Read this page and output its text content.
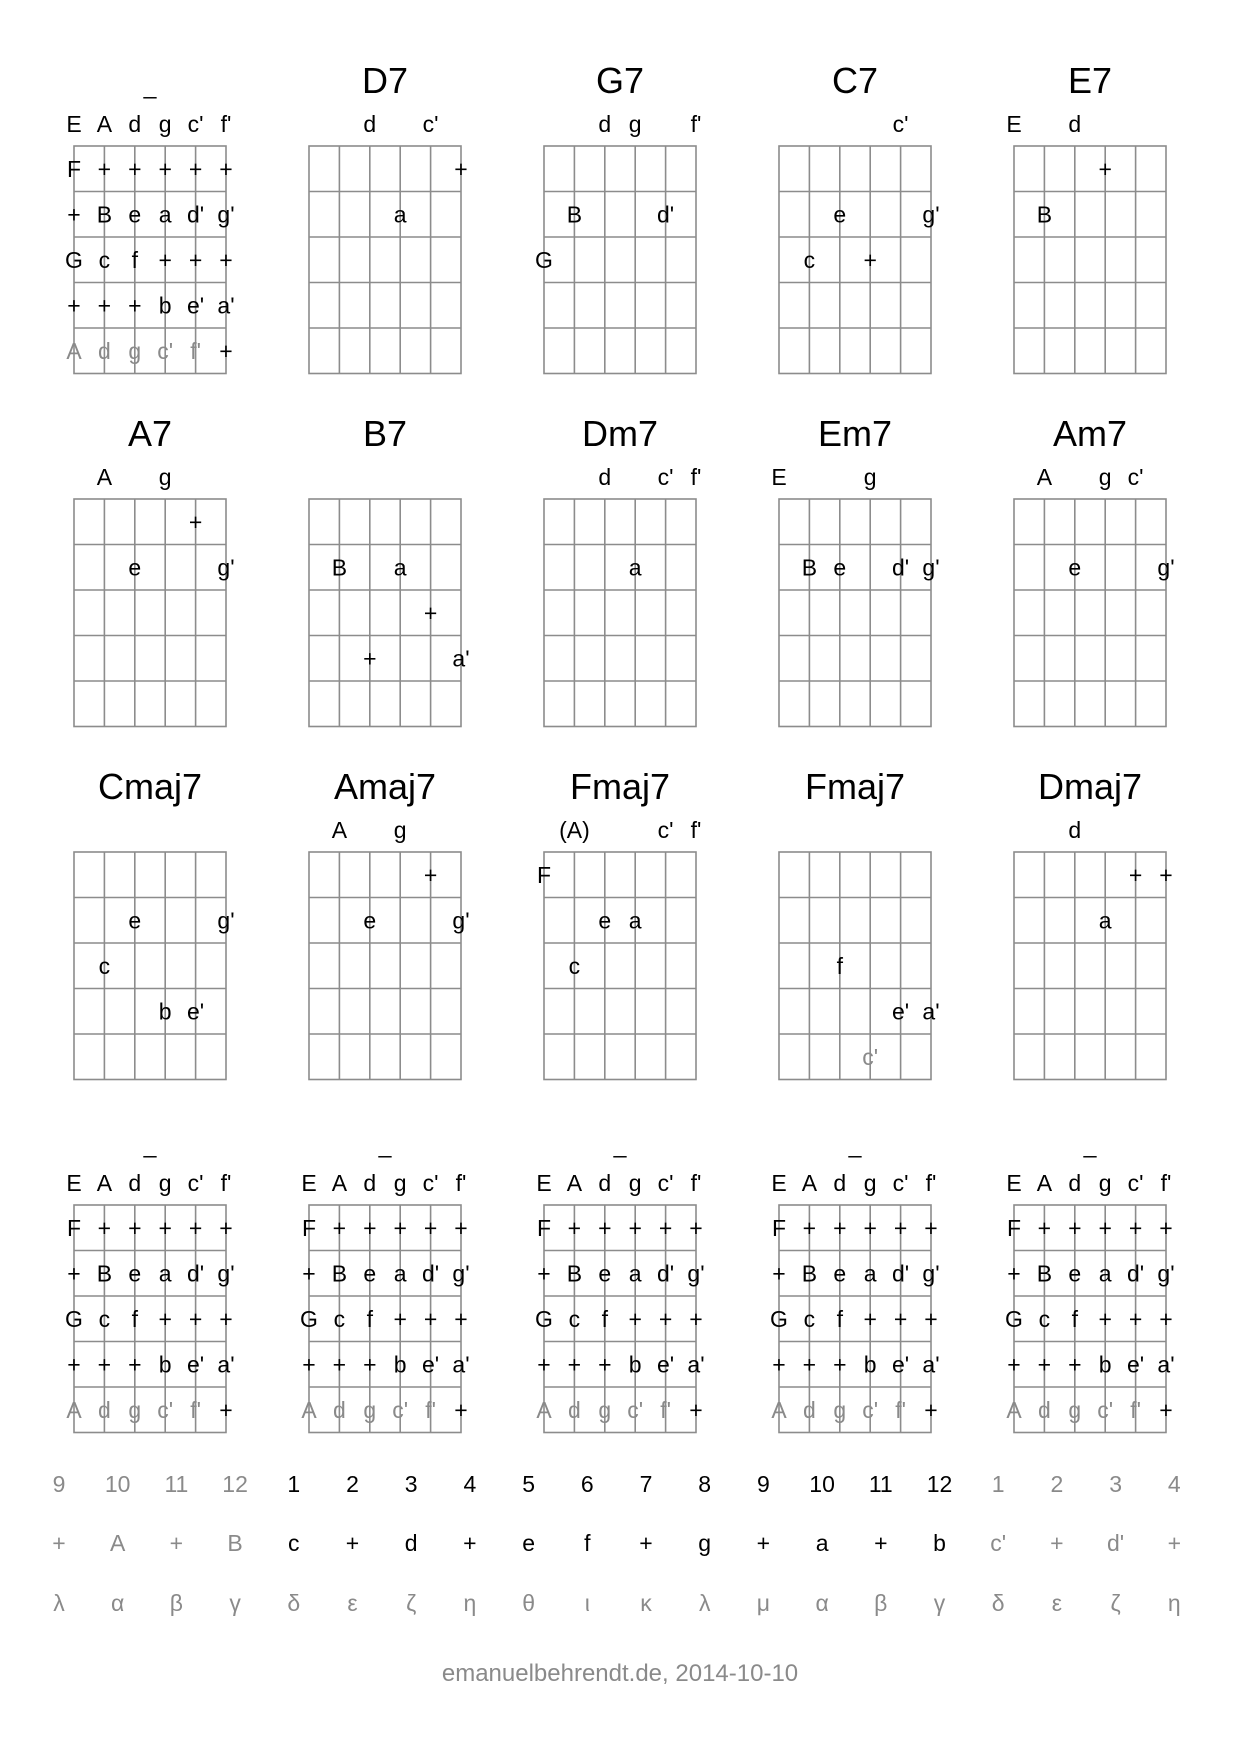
_
E A d g c' f'
F + + + + +
+ B e a d' g'
G c f + + +
+ + + b e' a'
A d g c' f' +
D7
d c'
+
a
G7
d g f'
B	d'
G
C7
c'
e	g'
c +
E7
E d
+
B
A7
A g
+
e	g'
B7
B a
+
+	a'
Dm7
d c' f'
a
Em7
E	g
B e d' g'
Am7
A g c'
e	g'
Cmaj7
e	g'
c
b e'
Amaj7
A g
+
e	g'
Fmaj7
(A)	c' f'
F
e a
c
Fmaj7
f
e' a'
c'
Dmaj7
d
+ +
a
_
E A d g c' f'
F + + + + +
+ B e a d' g'
G c f + + +
+ + + b e' a'
A d g c' f' +
_
E A d g c' f'
F + + + + +
+ B e a d' g'
G c f + + +
+ + + b e' a'
A d g c' f' +
_
E A d g c' f'
F + + + + +
+ B e a d' g'
G c f + + +
+ + + b e' a'
A d g c' f' +
_
E A d g c' f'
F + + + + +
+ B e a d' g'
G c f + + +
+ + + b e' a'
A d g c' f' +
_
E A d g c' f'
F + + + + +
+ B e a d' g'
G c f + + +
+ + + b e' a'
A d g c' f' +
9 10 11 12 1 2 3 4 5 6 7 8 9 10 11 12 1 2 3 4
+ A + B c + d + e f + g + a + b c' + d' +
λ α β γ δ ε ζ η θ ι κ λ μ α β γ δ ε ζ η
emanuelbehrendt.de, 2014-10-10
